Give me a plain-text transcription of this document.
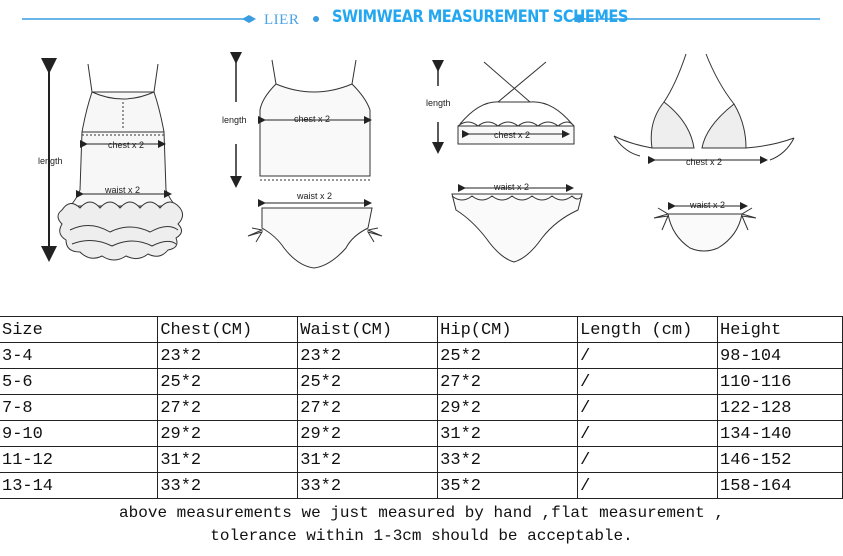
LIER SWIMWEAR MEASUREMENT SCHEMES
length
chest x 2
waist x 2
length	chest x 2
waist x 2
length
chest x 2
waist x 2
chest x 2
waist x 2
Size	Chest(CM)	Waist(CM)	Hip(CM)	Length (cm)	Height
3-4	23*2	23*2	25*2	/	98-104
5-6	25*2	25*2	27*2	/	110-116
7-8	27*2	27*2	29*2	/	122-128
9-10	29*2	29*2	31*2	/	134-140
11-12	31*2	31*2	33*2	/	146-152
13-14	33*2	33*2	35*2	/	158-164
above measurements we just measured by hand ,flat measurement ,
tolerance within 1-3cm should be acceptable.
